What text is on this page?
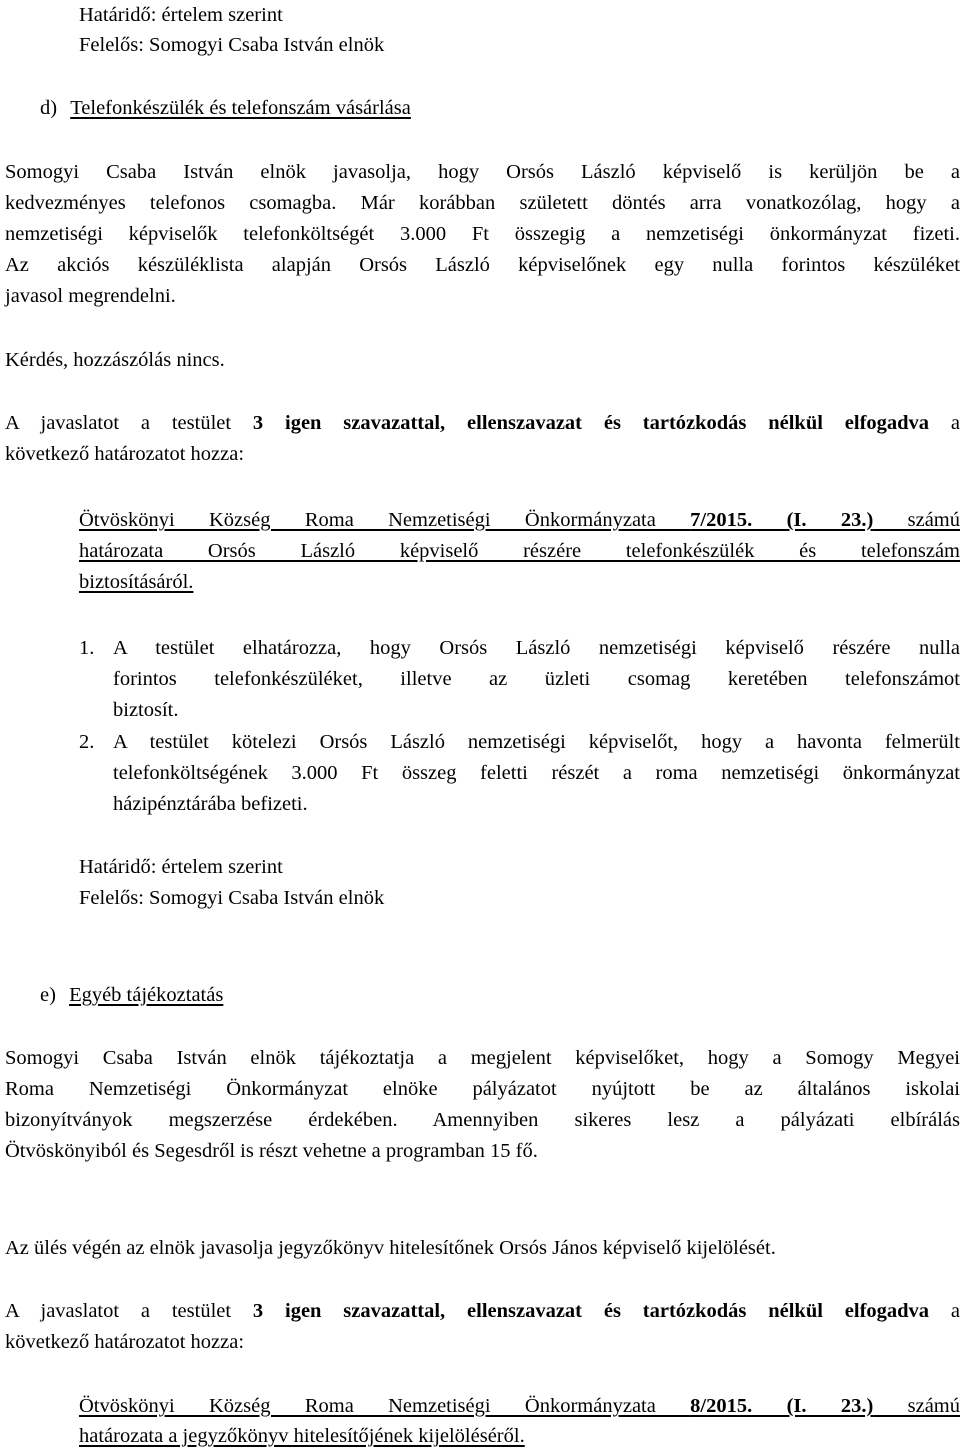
Határidő: értelem szerint
Felelős: Somogyi Csaba István elnök
d) Telefonkészülék és telefonszám vásárlása
Somogyi Csaba István elnök javasolja, hogy Orsós László képviselő is kerüljön be a
kedvezményes telefonos csomagba. Már korábban született döntés arra vonatkozólag, hogy a
nemzetiségi képviselők telefonköltségét 3.000 Ft összegig a nemzetiségi önkormányzat fizeti.
Az akciós készüléklista alapján Orsós László képviselőnek egy nulla forintos készüléket
javasol megrendelni.
Kérdés, hozzászólás nincs.
A javaslatot a testület 3 igen szavazattal, ellenszavazat és tartózkodás nélkül elfogadva a
következő határozatot hozza:
Ötvöskönyi Község Roma Nemzetiségi Önkormányzata 7/2015. (I. 23.) számú
határozata Orsós László képviselő részére telefonkészülék és telefonszám
biztosításáról.
1. A testület elhatározza, hogy Orsós László nemzetiségi képviselő részére nulla
forintos telefonkészüléket, illetve az üzleti csomag keretében telefonszámot
biztosít.
2. A testület kötelezi Orsós László nemzetiségi képviselőt, hogy a havonta felmerült
telefonköltségének 3.000 Ft összeg feletti részét a roma nemzetiségi önkormányzat
házipénztárába befizeti.
Határidő: értelem szerint
Felelős: Somogyi Csaba István elnök
e) Egyéb tájékoztatás
Somogyi Csaba István elnök tájékoztatja a megjelent képviselőket, hogy a Somogy Megyei
Roma Nemzetiségi Önkormányzat elnöke pályázatot nyújtott be az általános iskolai
bizonyítványok megszerzése érdekében. Amennyiben sikeres lesz a pályázati elbírálás
Ötvöskönyiból és Segesdről is részt vehetne a programban 15 fő.
Az ülés végén az elnök javasolja jegyzőkönyv hitelesítőnek Orsós János képviselő kijelölését.
A javaslatot a testület 3 igen szavazattal, ellenszavazat és tartózkodás nélkül elfogadva a
következő határozatot hozza:
Ötvöskönyi Község Roma Nemzetiségi Önkormányzata 8/2015. (I. 23.) számú
határozata a jegyzőkönyv hitelesítőjének kijelöléséről.
